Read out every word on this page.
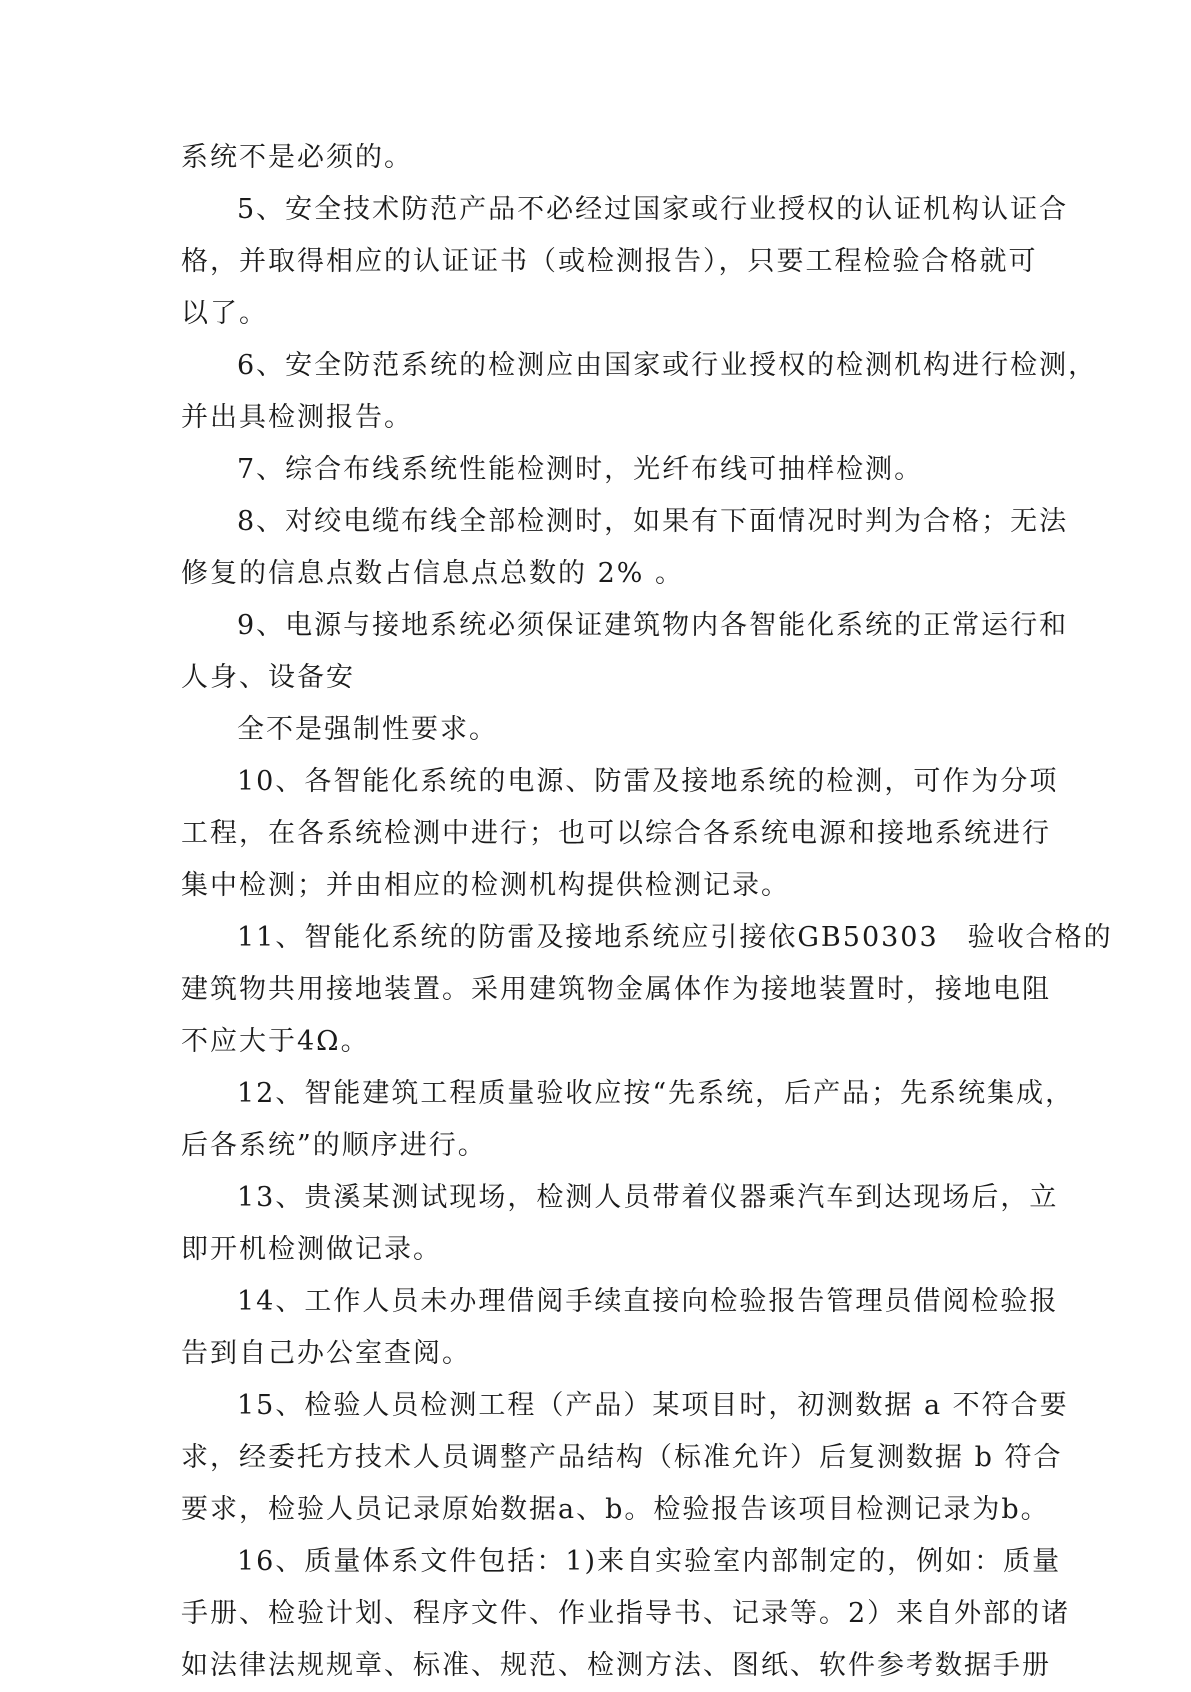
系统不是必须的。
5、安全技术防范产品不必经过国家或行业授权的认证机构认证合
格，并取得相应的认证证书（或检测报告），只要工程检验合格就可
以了。
6、安全防范系统的检测应由国家或行业授权的检测机构进行检测，
并出具检测报告。
7、综合布线系统性能检测时，光纤布线可抽样检测。
8、对绞电缆布线全部检测时，如果有下面情况时判为合格；无法
修复的信息点数占信息点总数的 2% 。
9、电源与接地系统必须保证建筑物内各智能化系统的正常运行和
人身、设备安
全不是强制性要求。
10、各智能化系统的电源、防雷及接地系统的检测，可作为分项
工程，在各系统检测中进行；也可以综合各系统电源和接地系统进行
集中检测；并由相应的检测机构提供检测记录。
11、智能化系统的防雷及接地系统应引接依GB50303　验收合格的
建筑物共用接地装置。采用建筑物金属体作为接地装置时，接地电阻
不应大于4Ω。
12、智能建筑工程质量验收应按“先系统，后产品；先系统集成，
后各系统”的顺序进行。
13、贵溪某测试现场，检测人员带着仪器乘汽车到达现场后，立
即开机检测做记录。
14、工作人员未办理借阅手续直接向检验报告管理员借阅检验报
告到自己办公室查阅。
15、检验人员检测工程（产品）某项目时，初测数据 a 不符合要
求，经委托方技术人员调整产品结构（标准允许）后复测数据 b 符合
要求，检验人员记录原始数据a、b。检验报告该项目检测记录为b。
16、质量体系文件包括：1)来自实验室内部制定的，例如：质量
手册、检验计划、程序文件、作业指导书、记录等。2）来自外部的诸
如法律法规规章、标准、规范、检测方法、图纸、软件参考数据手册
